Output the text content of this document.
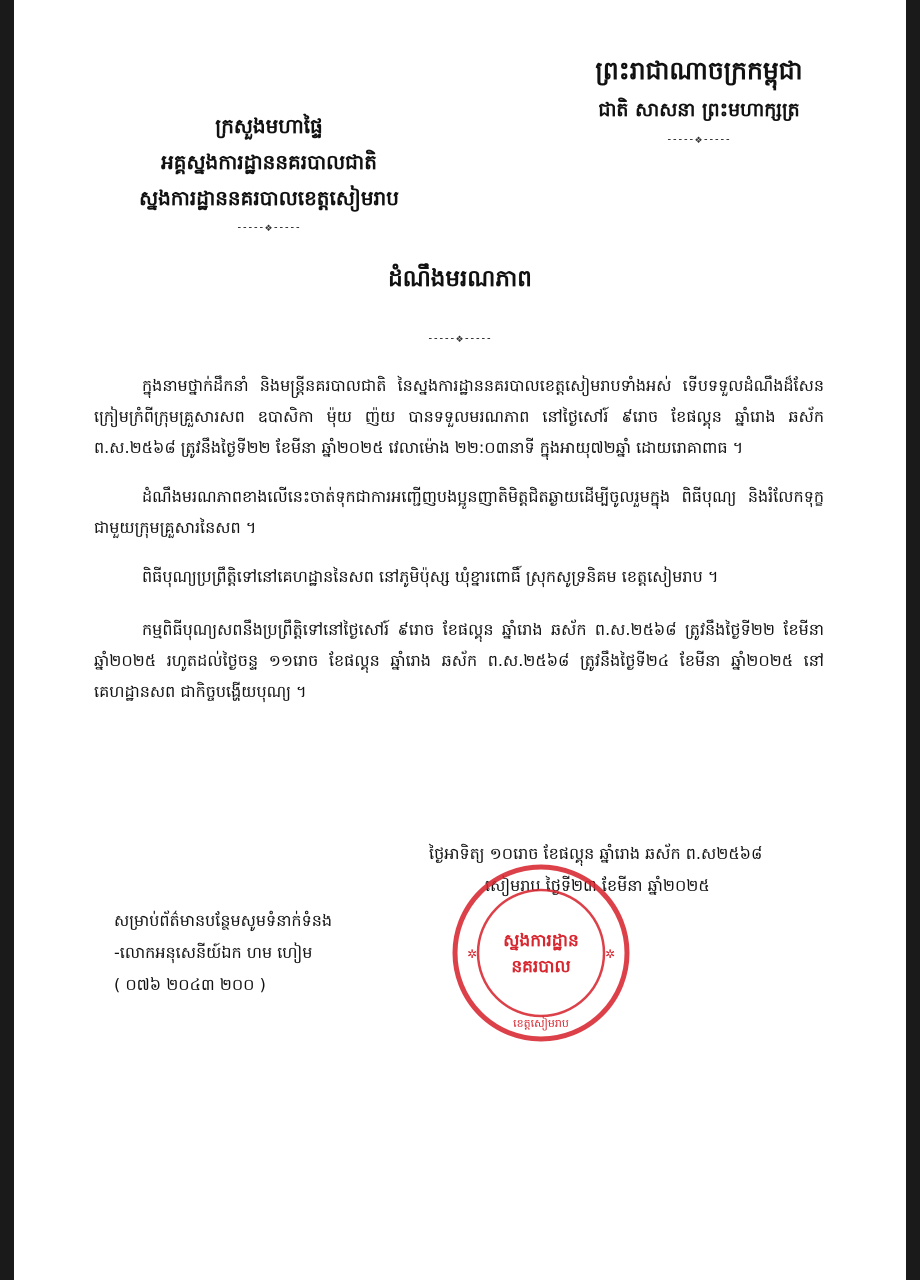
ព្រះរាជាណាចក្រកម្ពុជា
ជាតិ សាសនា ព្រះមហាក្សត្រ
⁃⁃⁃⁃⁃❖⁃⁃⁃⁃⁃
ក្រសួងមហាផ្ទៃ
អគ្គស្នងការដ្ឋាននគរបាលជាតិ
ស្នងការដ្ឋាននគរបាលខេត្តសៀមរាប
⁃⁃⁃⁃⁃❖⁃⁃⁃⁃⁃
ដំណឹងមរណភាព
⁃⁃⁃⁃⁃❖⁃⁃⁃⁃⁃

ក្នុងនាមថ្នាក់ដឹកនាំ និងមន្ត្រីនគរបាលជាតិ នៃស្នងការដ្ឋាននគរបាលខេត្តសៀមរាបទាំងអស់ ទើបទទួលដំណឹងដ៏សែនក្រៀមក្រំពីក្រុមគ្រួសារសព ឧបាសិកា ម៉ុយ ញ៉យ បានទទួលមរណភាព នៅថ្ងៃសៅរ៍ ៩រោច ខែផល្គុន ឆ្នាំរោង ឆស័ក ព.ស.២៥៦៨ ត្រូវនឹងថ្ងៃទី២២ ខែមីនា ឆ្នាំ២០២៥ វេលាម៉ោង ២២:០៣នាទី ក្នុងអាយុ៧២ឆ្នាំ ដោយរោគាពាធ ។

ដំណឹងមរណភាពខាងលើនេះចាត់ទុកជាការអញ្ជើញបងប្អូនញាតិមិត្តជិតឆ្ងាយដើម្បីចូលរួមក្នុង ពិធីបុណ្យ និងរំលែកទុក្ខជាមួយក្រុមគ្រួសារនៃសព ។

ពិធីបុណ្យប្រព្រឹត្តិទៅនៅគេហដ្ឋាននៃសព នៅភូមិប៉ុស្ស ឃុំខ្នារពោធិ៍ ស្រុកសូទ្រនិគម ខេត្តសៀមរាប ។

កម្មពិធីបុណ្យសពនឹងប្រព្រឹត្តិទៅនៅថ្ងៃសៅរ៍ ៩រោច ខែផល្គុន ឆ្នាំរោង ឆស័ក ព.ស.២៥៦៨ ត្រូវនឹងថ្ងៃទី២២ ខែមីនា ឆ្នាំ២០២៥ រហូតដល់ថ្ងៃចន្ទ ១១រោច ខែផល្គុន ឆ្នាំរោង ឆស័ក ព.ស.២៥៦៨ ត្រូវនឹងថ្ងៃទី២៤ ខែមីនា ឆ្នាំ២០២៥ នៅគេហដ្ឋានសព ជាកិច្ចបង្ហើយបុណ្យ ។

ថ្ងៃអាទិត្យ ១០រោច ខែផល្គុន ឆ្នាំរោង ឆស័ក ព.ស២៥៦៨
សៀមរាប ថ្ងៃទី២៣ ខែមីនា ឆ្នាំ២០២៥
ស្នងការដ្ឋាន
នគរបាល
ខេត្តសៀមរាប
✲	✲
សម្រាប់ព័ត៌មានបន្ថែមសូមទំនាក់ទំនង
-លោកអនុសេនីយ៍ឯក ហម ហៀម
( ០៧៦ ២០៤៣ ២០០ )
